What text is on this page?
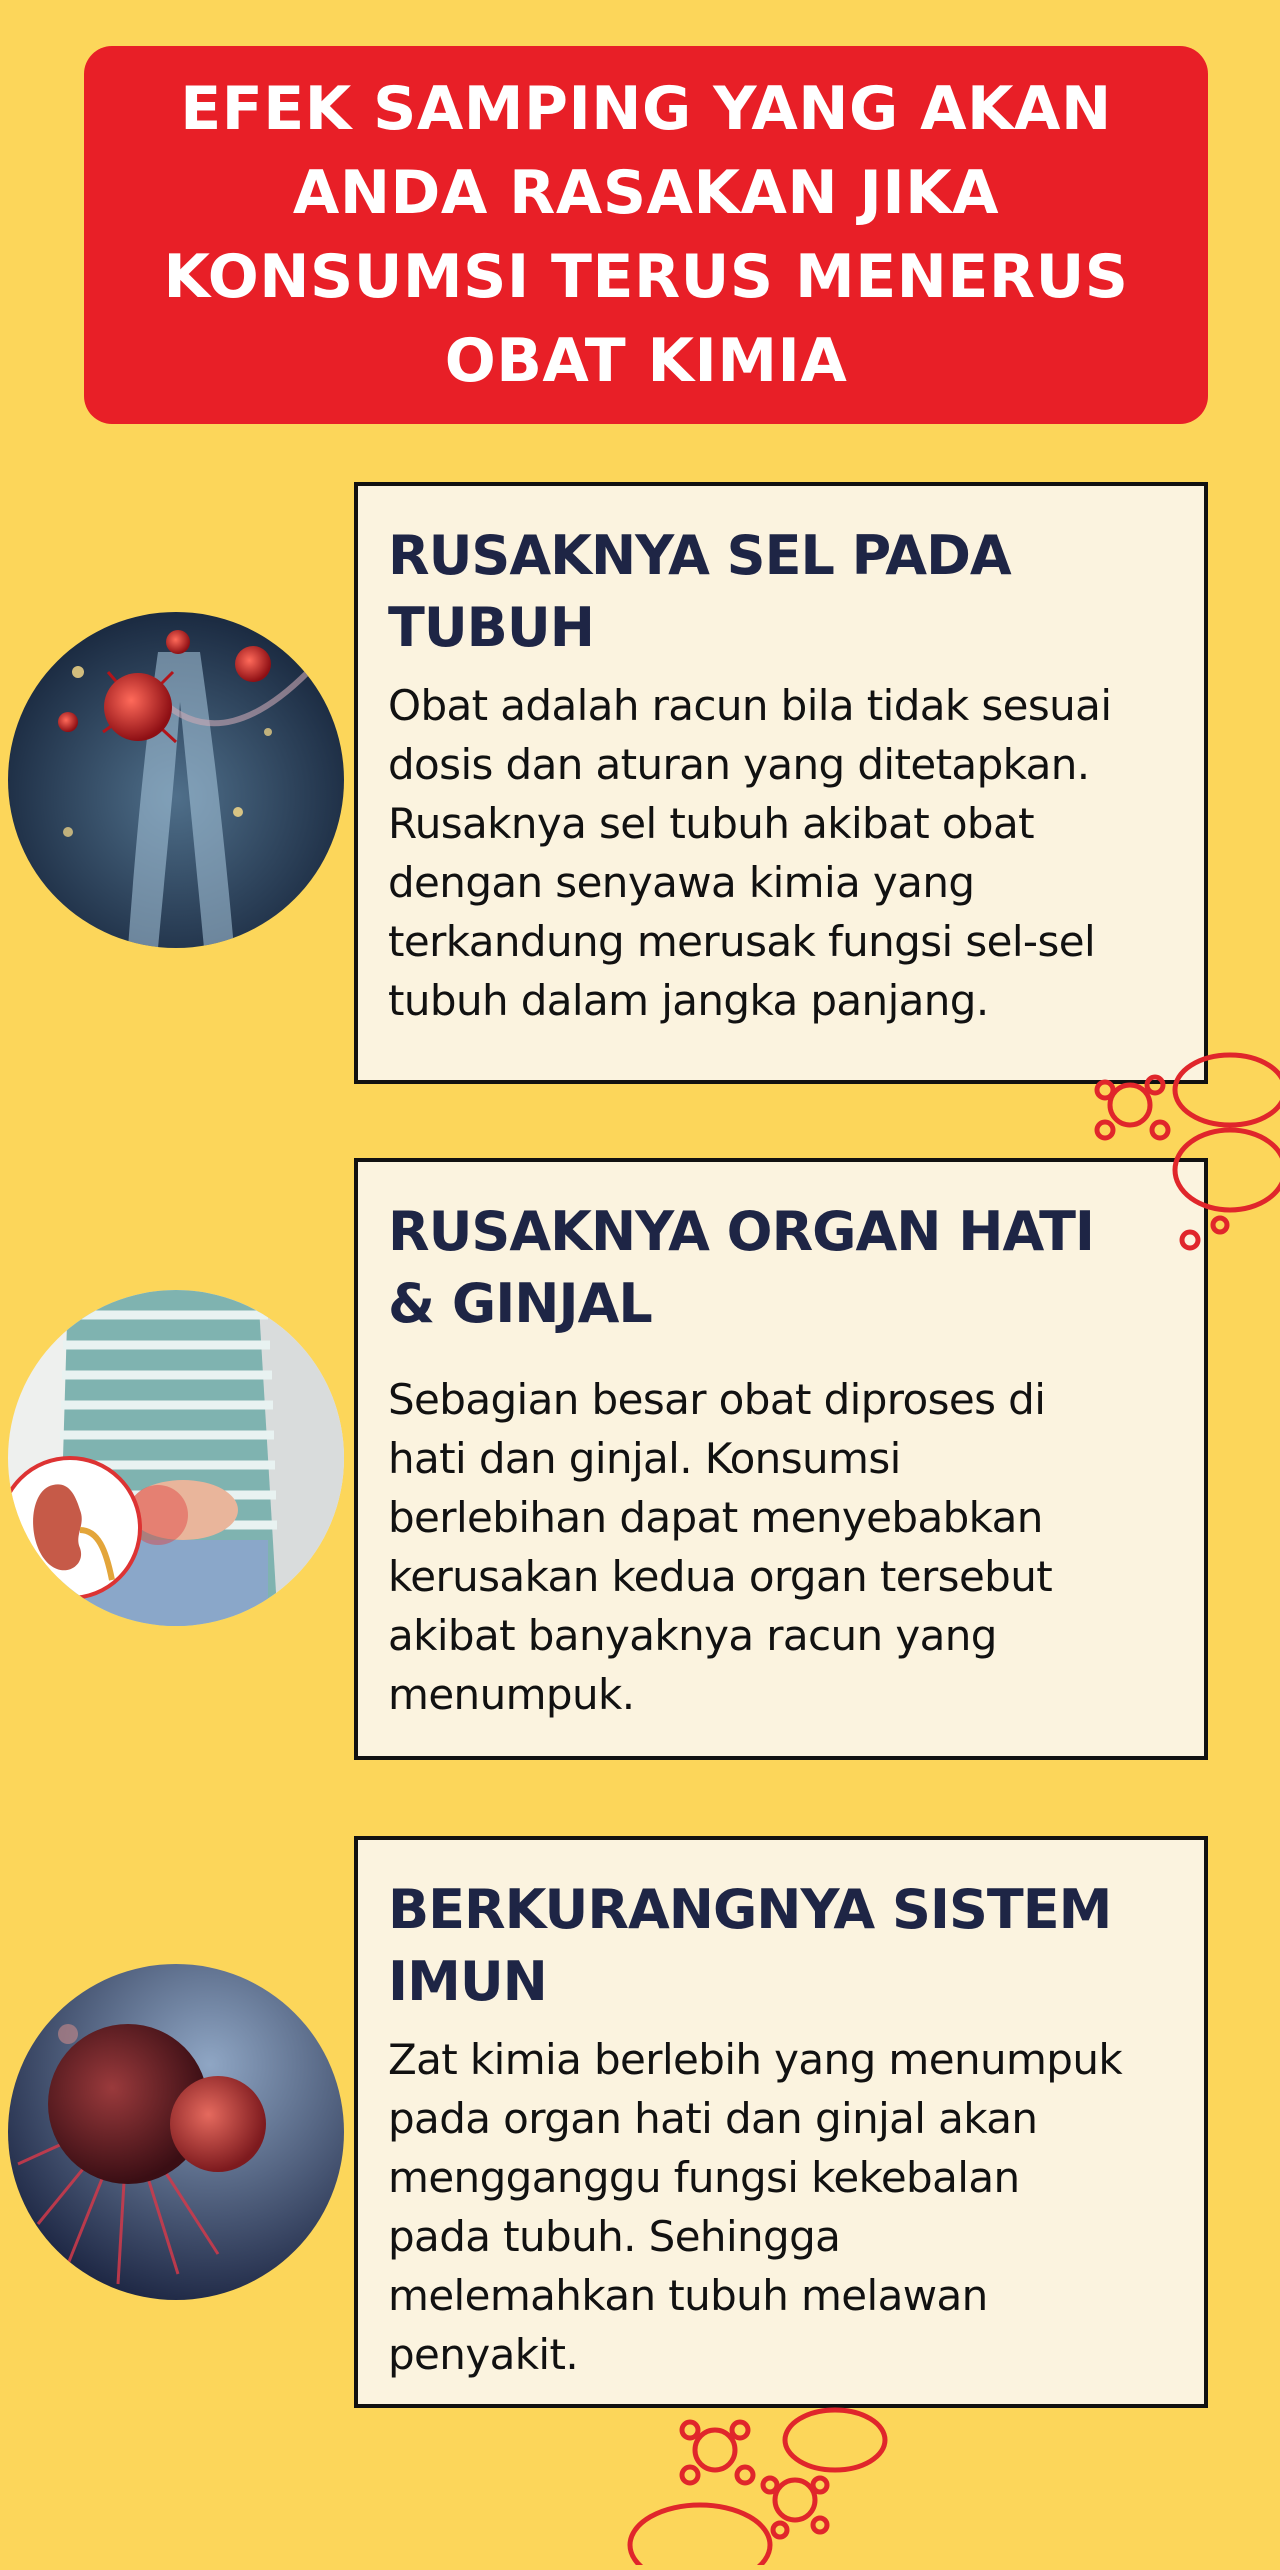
EFEK SAMPING YANG AKAN
ANDA RASAKAN JIKA
KONSUMSI TERUS MENERUS
OBAT KIMIA
RUSAKNYA SEL PADA
TUBUH

Obat adalah racun bila tidak sesuai
dosis dan aturan yang ditetapkan.
Rusaknya sel tubuh akibat obat
dengan senyawa kimia yang
terkandung merusak fungsi sel-sel
tubuh dalam jangka panjang.

RUSAKNYA ORGAN HATI
& GINJAL

Sebagian besar obat diproses di
hati dan ginjal. Konsumsi
berlebihan dapat menyebabkan
kerusakan kedua organ tersebut
akibat banyaknya racun yang
menumpuk.

BERKURANGNYA SISTEM
IMUN

Zat kimia berlebih yang menumpuk
pada organ hati dan ginjal akan
mengganggu fungsi kekebalan
pada tubuh. Sehingga
melemahkan tubuh melawan
penyakit.
